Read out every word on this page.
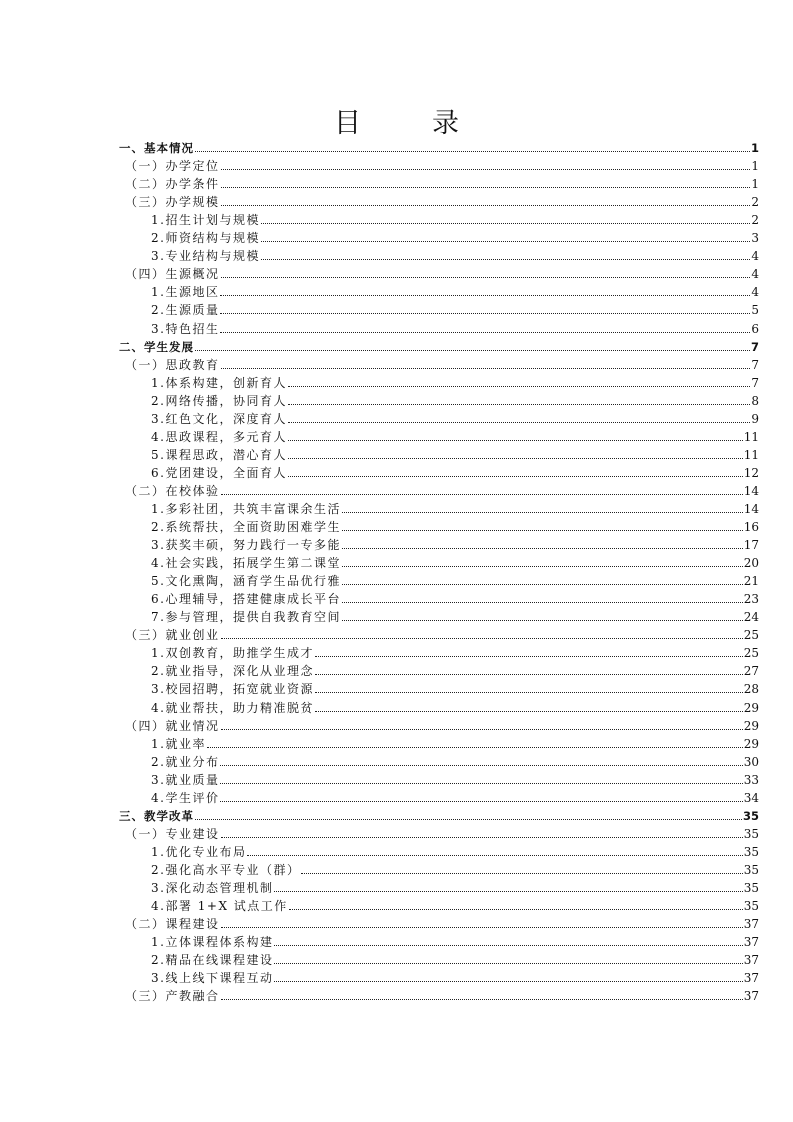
目　录
一、基本情况	1
（一）办学定位	1
（二）办学条件	1
（三）办学规模	2
1.招生计划与规模	2
2.师资结构与规模	3
3.专业结构与规模	4
（四）生源概况	4
1.生源地区	4
2.生源质量	5
3.特色招生	6
二、学生发展	7
（一）思政教育	7
1.体系构建，创新育人	7
2.网络传播，协同育人	8
3.红色文化，深度育人	9
4.思政课程，多元育人	11
5.课程思政，潜心育人	11
6.党团建设，全面育人	12
（二）在校体验	14
1.多彩社团，共筑丰富课余生活	14
2.系统帮扶，全面资助困难学生	16
3.获奖丰硕，努力践行一专多能	17
4.社会实践，拓展学生第二课堂	20
5.文化熏陶，涵育学生品优行雅	21
6.心理辅导，搭建健康成长平台	23
7.参与管理，提供自我教育空间	24
（三）就业创业	25
1.双创教育，助推学生成才	25
2.就业指导，深化从业理念	27
3.校园招聘，拓宽就业资源	28
4.就业帮扶，助力精准脱贫	29
（四）就业情况	29
1.就业率	29
2.就业分布	30
3.就业质量	33
4.学生评价	34
三、教学改革	35
（一）专业建设	35
1.优化专业布局	35
2.强化高水平专业（群）	35
3.深化动态管理机制	35
4.部署 1+X 试点工作	35
（二）课程建设	37
1.立体课程体系构建	37
2.精品在线课程建设	37
3.线上线下课程互动	37
（三）产教融合	37
